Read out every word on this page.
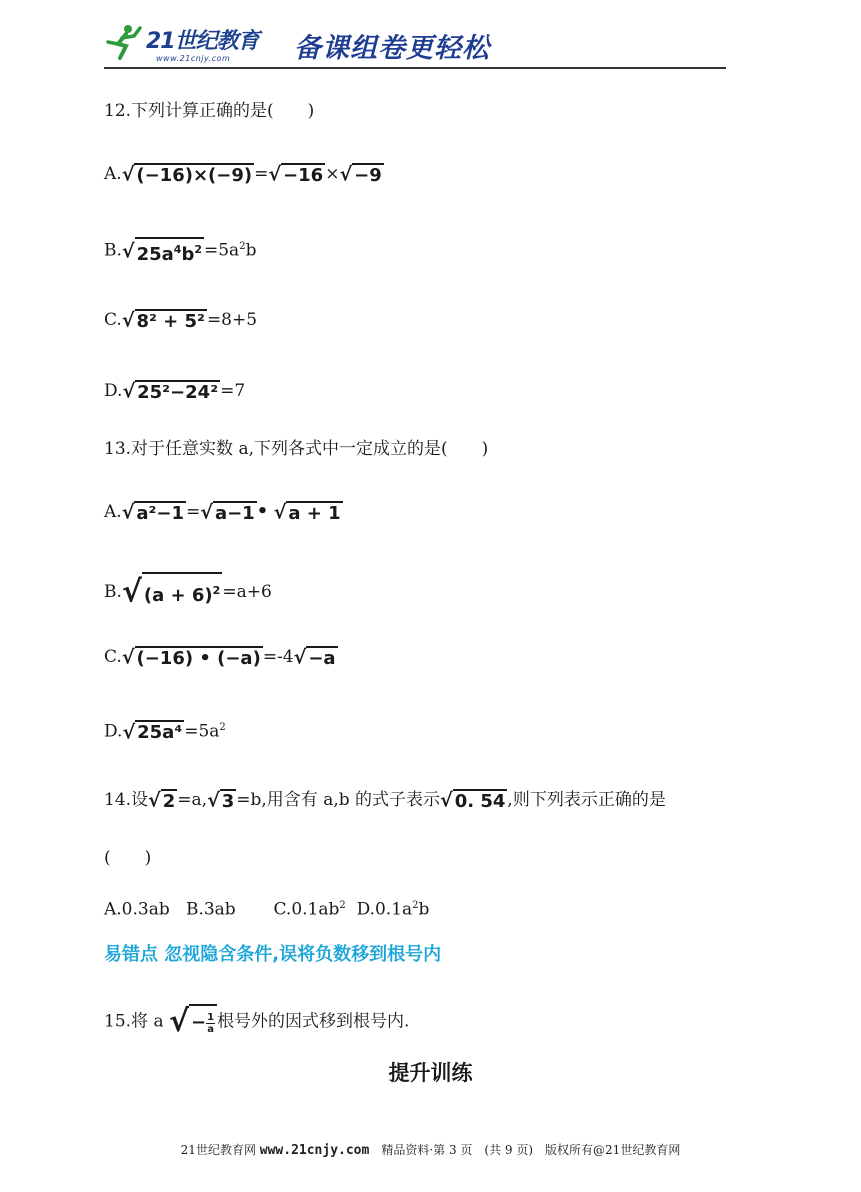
21世纪教育
www.21cnjy.com 备课组卷更轻松
12.下列计算正确的是(　　)
A.√ (−16)×(−9) =√ −16 ×√ −9
B.√ $25a^4b^2 =5a^2b$
C.√ 8² + 5² =8+5
D.√ 25²−24² =7
13.对于任意实数 a,下列各式中一定成立的是(　　)
A.√ a²−1 =√ a−1 • √ a + 1
B.√ $(a + 6)^2 =a+6$
C.√ (−16) • (−a) =-4√ −a
D.√ $25a^4 =5a^2$
14.设√ 2 =a,√ 3 =b,用含有 a,b 的式子表示√ 0. 54 ,则下列表示正确的是
(　　)
A.0.3ab B.3ab $C.0.1ab^2$ $D.0.1a^2b$
易错点 忽视隐含条件,误将负数移到根号内
15.将 a √ − $\frac{1}{a}$ 根号外的因式移到根号内.
提升训练
21世纪教育网 www.21cnjy.com　精品资料·第 3 页　(共 9 页)　版权所有@21世纪教育网
